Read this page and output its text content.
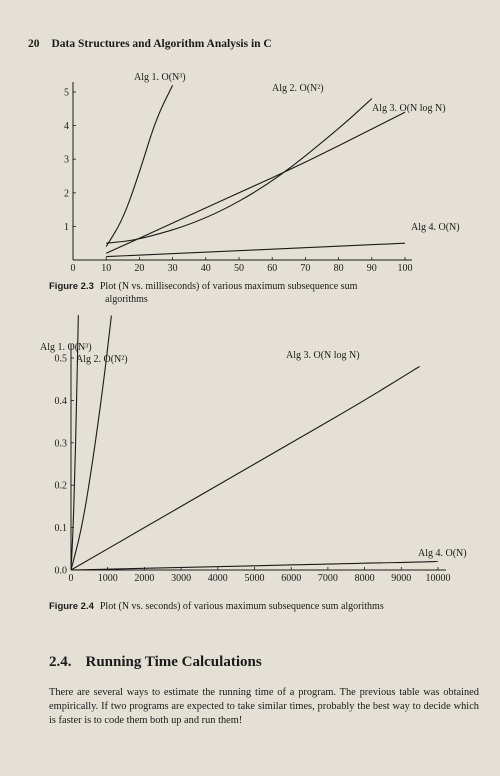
20 Data Structures and Algorithm Analysis in C
0	10 20 30 40 50 60 70 80 90 100
1
2
3
4
5
Alg 1. O(N³)
Alg 2. O(N²)
Alg 3. O(N log N)
Alg 4. O(N)
Figure 2.3 Plot (N vs. milliseconds) of various maximum subsequence sum
algorithms
0 1000 2000 3000 4000 5000 6000 7000 8000 9000 10000
0.0
0.1
0.2
0.3
0.4
0.5
Alg 1. O(N³)
Alg 2. O(N²)	Alg 3. O(N log N)
Alg 4. O(N)
Figure 2.4 Plot (N vs. seconds) of various maximum subsequence sum algorithms
2.4. Running Time Calculations
There are several ways to estimate the running time of a program. The previous table was obtained empirically. If two programs are expected to take similar times, probably the best way to decide which is faster is to code them both up and run them!
